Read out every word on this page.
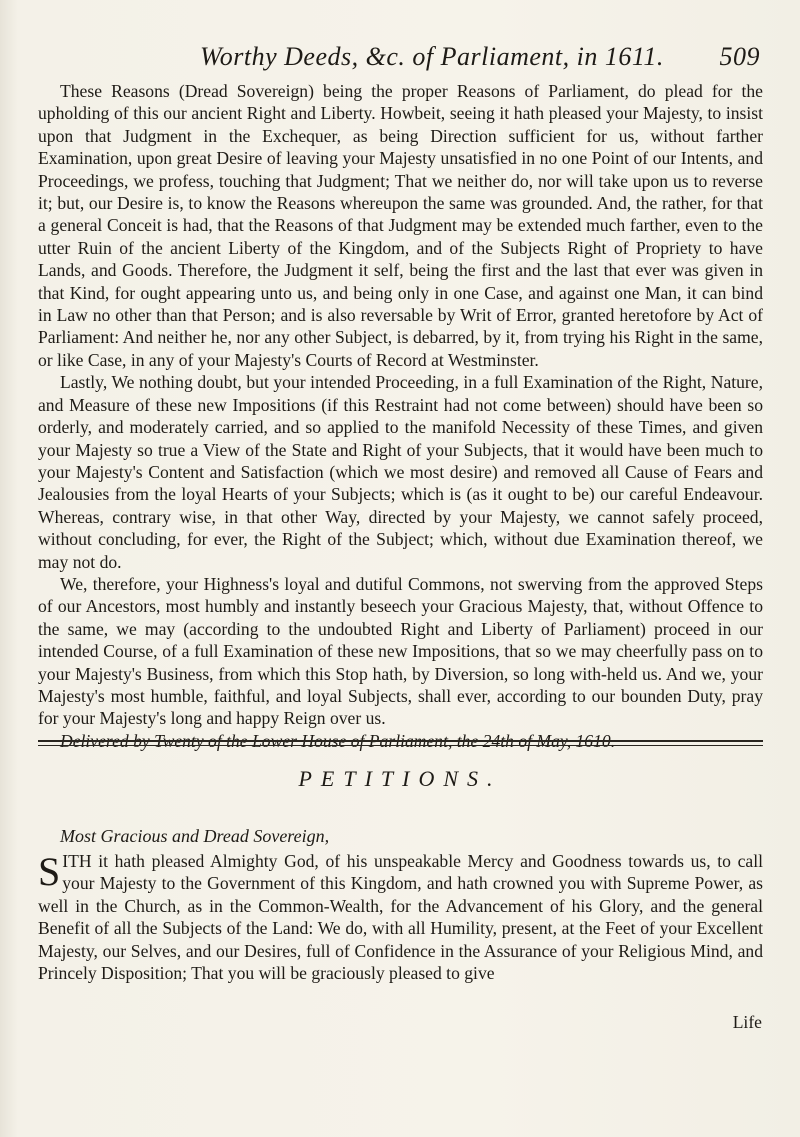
Worthy Deeds, &c. of Parliament, in 1611. 509

These Reasons (Dread Sovereign) being the proper Reasons of Parliament, do plead for the upholding of this our ancient Right and Liberty. Howbeit, seeing it hath pleased your Majesty, to insist upon that Judgment in the Exchequer, as being Direction sufficient for us, without farther Examination, upon great Desire of leaving your Majesty unsatisfied in no one Point of our Intents, and Proceedings, we profess, touching that Judgment; That we neither do, nor will take upon us to reverse it; but, our Desire is, to know the Reasons whereupon the same was grounded. And, the rather, for that a general Conceit is had, that the Reasons of that Judgment may be extended much farther, even to the utter Ruin of the ancient Liberty of the Kingdom, and of the Subjects Right of Propriety to have Lands, and Goods. Therefore, the Judgment it self, being the first and the last that ever was given in that Kind, for ought appearing unto us, and being only in one Case, and against one Man, it can bind in Law no other than that Person; and is also reversable by Writ of Error, granted heretofore by Act of Parliament: And neither he, nor any other Subject, is debarred, by it, from trying his Right in the same, or like Case, in any of your Majesty's Courts of Record at Westminster.

Lastly, We nothing doubt, but your intended Proceeding, in a full Examination of the Right, Nature, and Measure of these new Impositions (if this Restraint had not come between) should have been so orderly, and moderately carried, and so applied to the manifold Necessity of these Times, and given your Majesty so true a View of the State and Right of your Subjects, that it would have been much to your Majesty's Content and Satisfaction (which we most desire) and removed all Cause of Fears and Jealousies from the loyal Hearts of your Subjects; which is (as it ought to be) our careful Endeavour. Whereas, contrary wise, in that other Way, directed by your Majesty, we cannot safely proceed, without concluding, for ever, the Right of the Subject; which, without due Examination thereof, we may not do.

We, therefore, your Highness's loyal and dutiful Commons, not swerving from the approved Steps of our Ancestors, most humbly and instantly beseech your Gracious Majesty, that, without Offence to the same, we may (according to the undoubted Right and Liberty of Parliament) proceed in our intended Course, of a full Examination of these new Impositions, that so we may cheerfully pass on to your Majesty's Business, from which this Stop hath, by Diversion, so long with-held us. And we, your Majesty's most humble, faithful, and loyal Subjects, shall ever, according to our bounden Duty, pray for your Majesty's long and happy Reign over us.

Delivered by Twenty of the Lower House of Parliament, the 24th of May, 1610.

PETITIONS.
Most Gracious and Dread Sovereign,
S ITH it hath pleased Almighty God, of his unspeakable Mercy and Goodness towards us, to call your Majesty to the Government of this Kingdom, and hath crowned you with Supreme Power, as well in the Church, as in the Common-Wealth, for the Advancement of his Glory, and the general Benefit of all the Subjects of the Land: We do, with all Humility, present, at the Feet of your Excellent Majesty, our Selves, and our Desires, full of Confidence in the Assurance of your Religious Mind, and Princely Disposition; That you will be graciously pleased to give
Life
